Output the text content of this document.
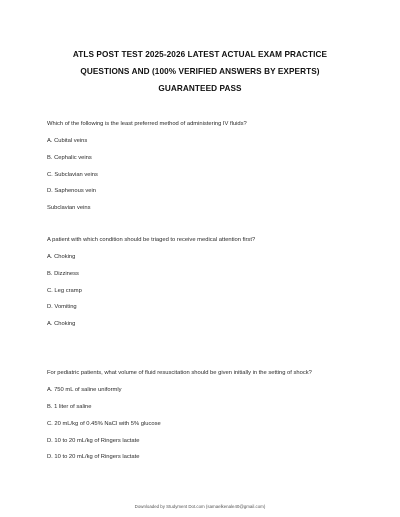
ATLS POST TEST 2025-2026 LATEST ACTUAL EXAM PRACTICE
QUESTIONS AND (100% VERIFIED ANSWERS BY EXPERTS)
GUARANTEED PASS
Which of the following is the least preferred method of administering IV fluids?
A. Cubital veins
B. Cephalic veins
C. Subclavian veins
D. Saphenous vein
Subclavian veins
A patient with which condition should be triaged to receive medical attention first?
A. Choking
B. Dizziness
C. Leg cramp
D. Vomiting
A. Choking
For pediatric patients, what volume of fluid resuscitation should be given initially in the setting of shock?
A. 750 mL of saline uniformly
B. 1 liter of saline
C. 20 mL/kg of 0.45% NaCl with 5% glucose
D. 10 to 20 mL/kg of Ringers lactate
D. 10 to 20 mL/kg of Ringers lactate
Downloaded by Studyment Dot.com (samaelkenale40@gmail.com)
